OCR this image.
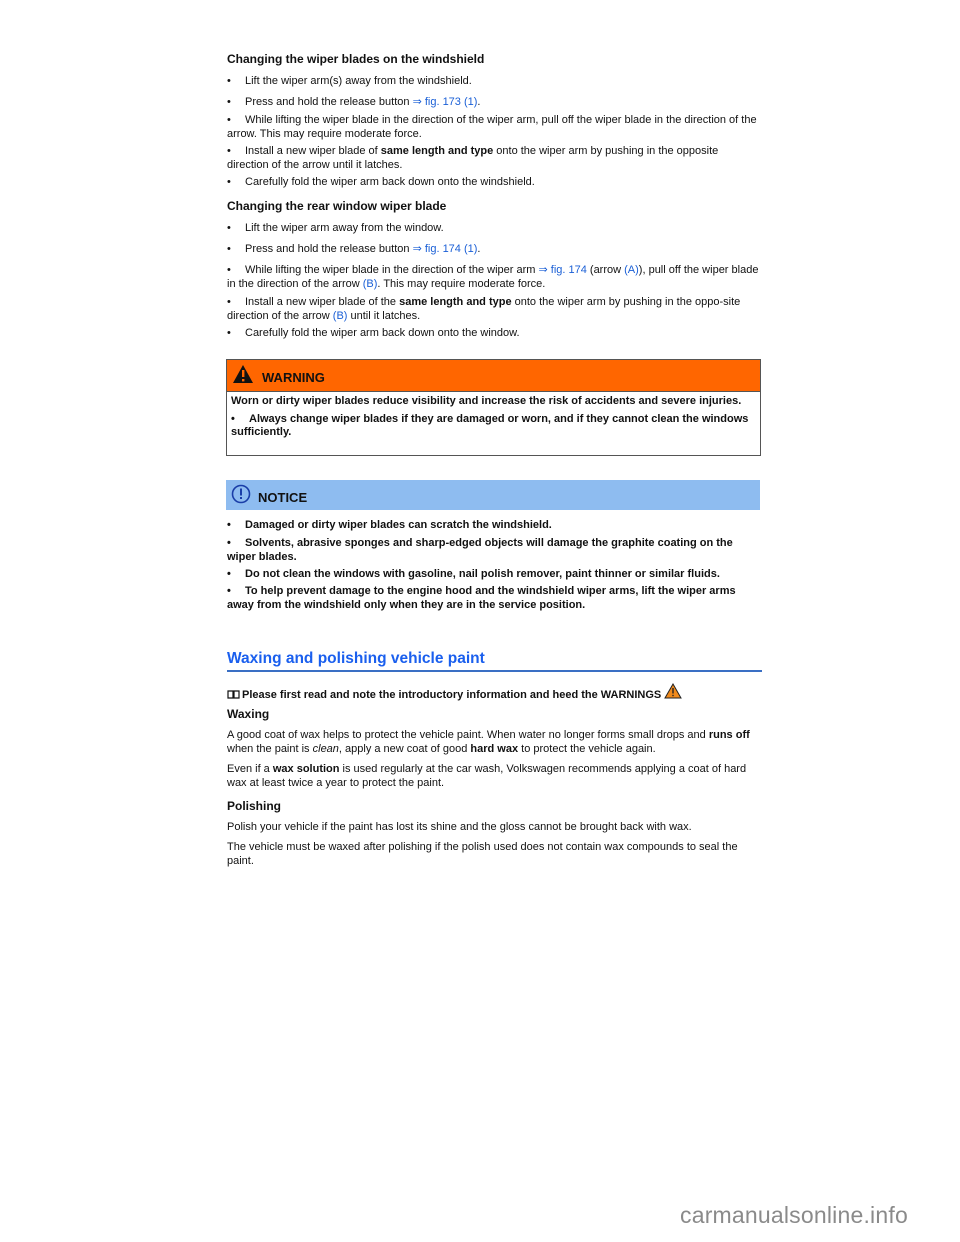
Changing the wiper blades on the windshield
• Lift the wiper arm(s) away from the windshield.
• Press and hold the release button ⇒ fig. 173 (1).
• While lifting the wiper blade in the direction of the wiper arm, pull off the wiper blade in the direction of the arrow. This may require moderate force.
• Install a new wiper blade of same length and type onto the wiper arm by pushing in the opposite direction of the arrow until it latches.
• Carefully fold the wiper arm back down onto the windshield.
Changing the rear window wiper blade
• Lift the wiper arm away from the window.
• Press and hold the release button ⇒ fig. 174 (1).
• While lifting the wiper blade in the direction of the wiper arm ⇒ fig. 174 (arrow (A)), pull off the wiper blade in the direction of the arrow (B). This may require moderate force.
• Install a new wiper blade of the same length and type onto the wiper arm by pushing in the oppo-site direction of the arrow (B) until it latches.
• Carefully fold the wiper arm back down onto the window.
WARNING

Worn or dirty wiper blades reduce visibility and increase the risk of accidents and severe injuries.

• Always change wiper blades if they are damaged or worn, and if they cannot clean the windows sufficiently.

NOTICE
• Damaged or dirty wiper blades can scratch the windshield.
• Solvents, abrasive sponges and sharp-edged objects will damage the graphite coating on the wiper blades.
• Do not clean the windows with gasoline, nail polish remover, paint thinner or similar fluids.
• To help prevent damage to the engine hood and the windshield wiper arms, lift the wiper arms away from the windshield only when they are in the service position.
Waxing and polishing vehicle paint
Please first read and note the introductory information and heed the WARNINGS
Waxing
A good coat of wax helps to protect the vehicle paint. When water no longer forms small drops and runs off when the paint is clean, apply a new coat of good hard wax to protect the vehicle again.
Even if a wax solution is used regularly at the car wash, Volkswagen recommends applying a coat of hard wax at least twice a year to protect the paint.
Polishing
Polish your vehicle if the paint has lost its shine and the gloss cannot be brought back with wax.
The vehicle must be waxed after polishing if the polish used does not contain wax compounds to seal the paint.
carmanualsonline.info
